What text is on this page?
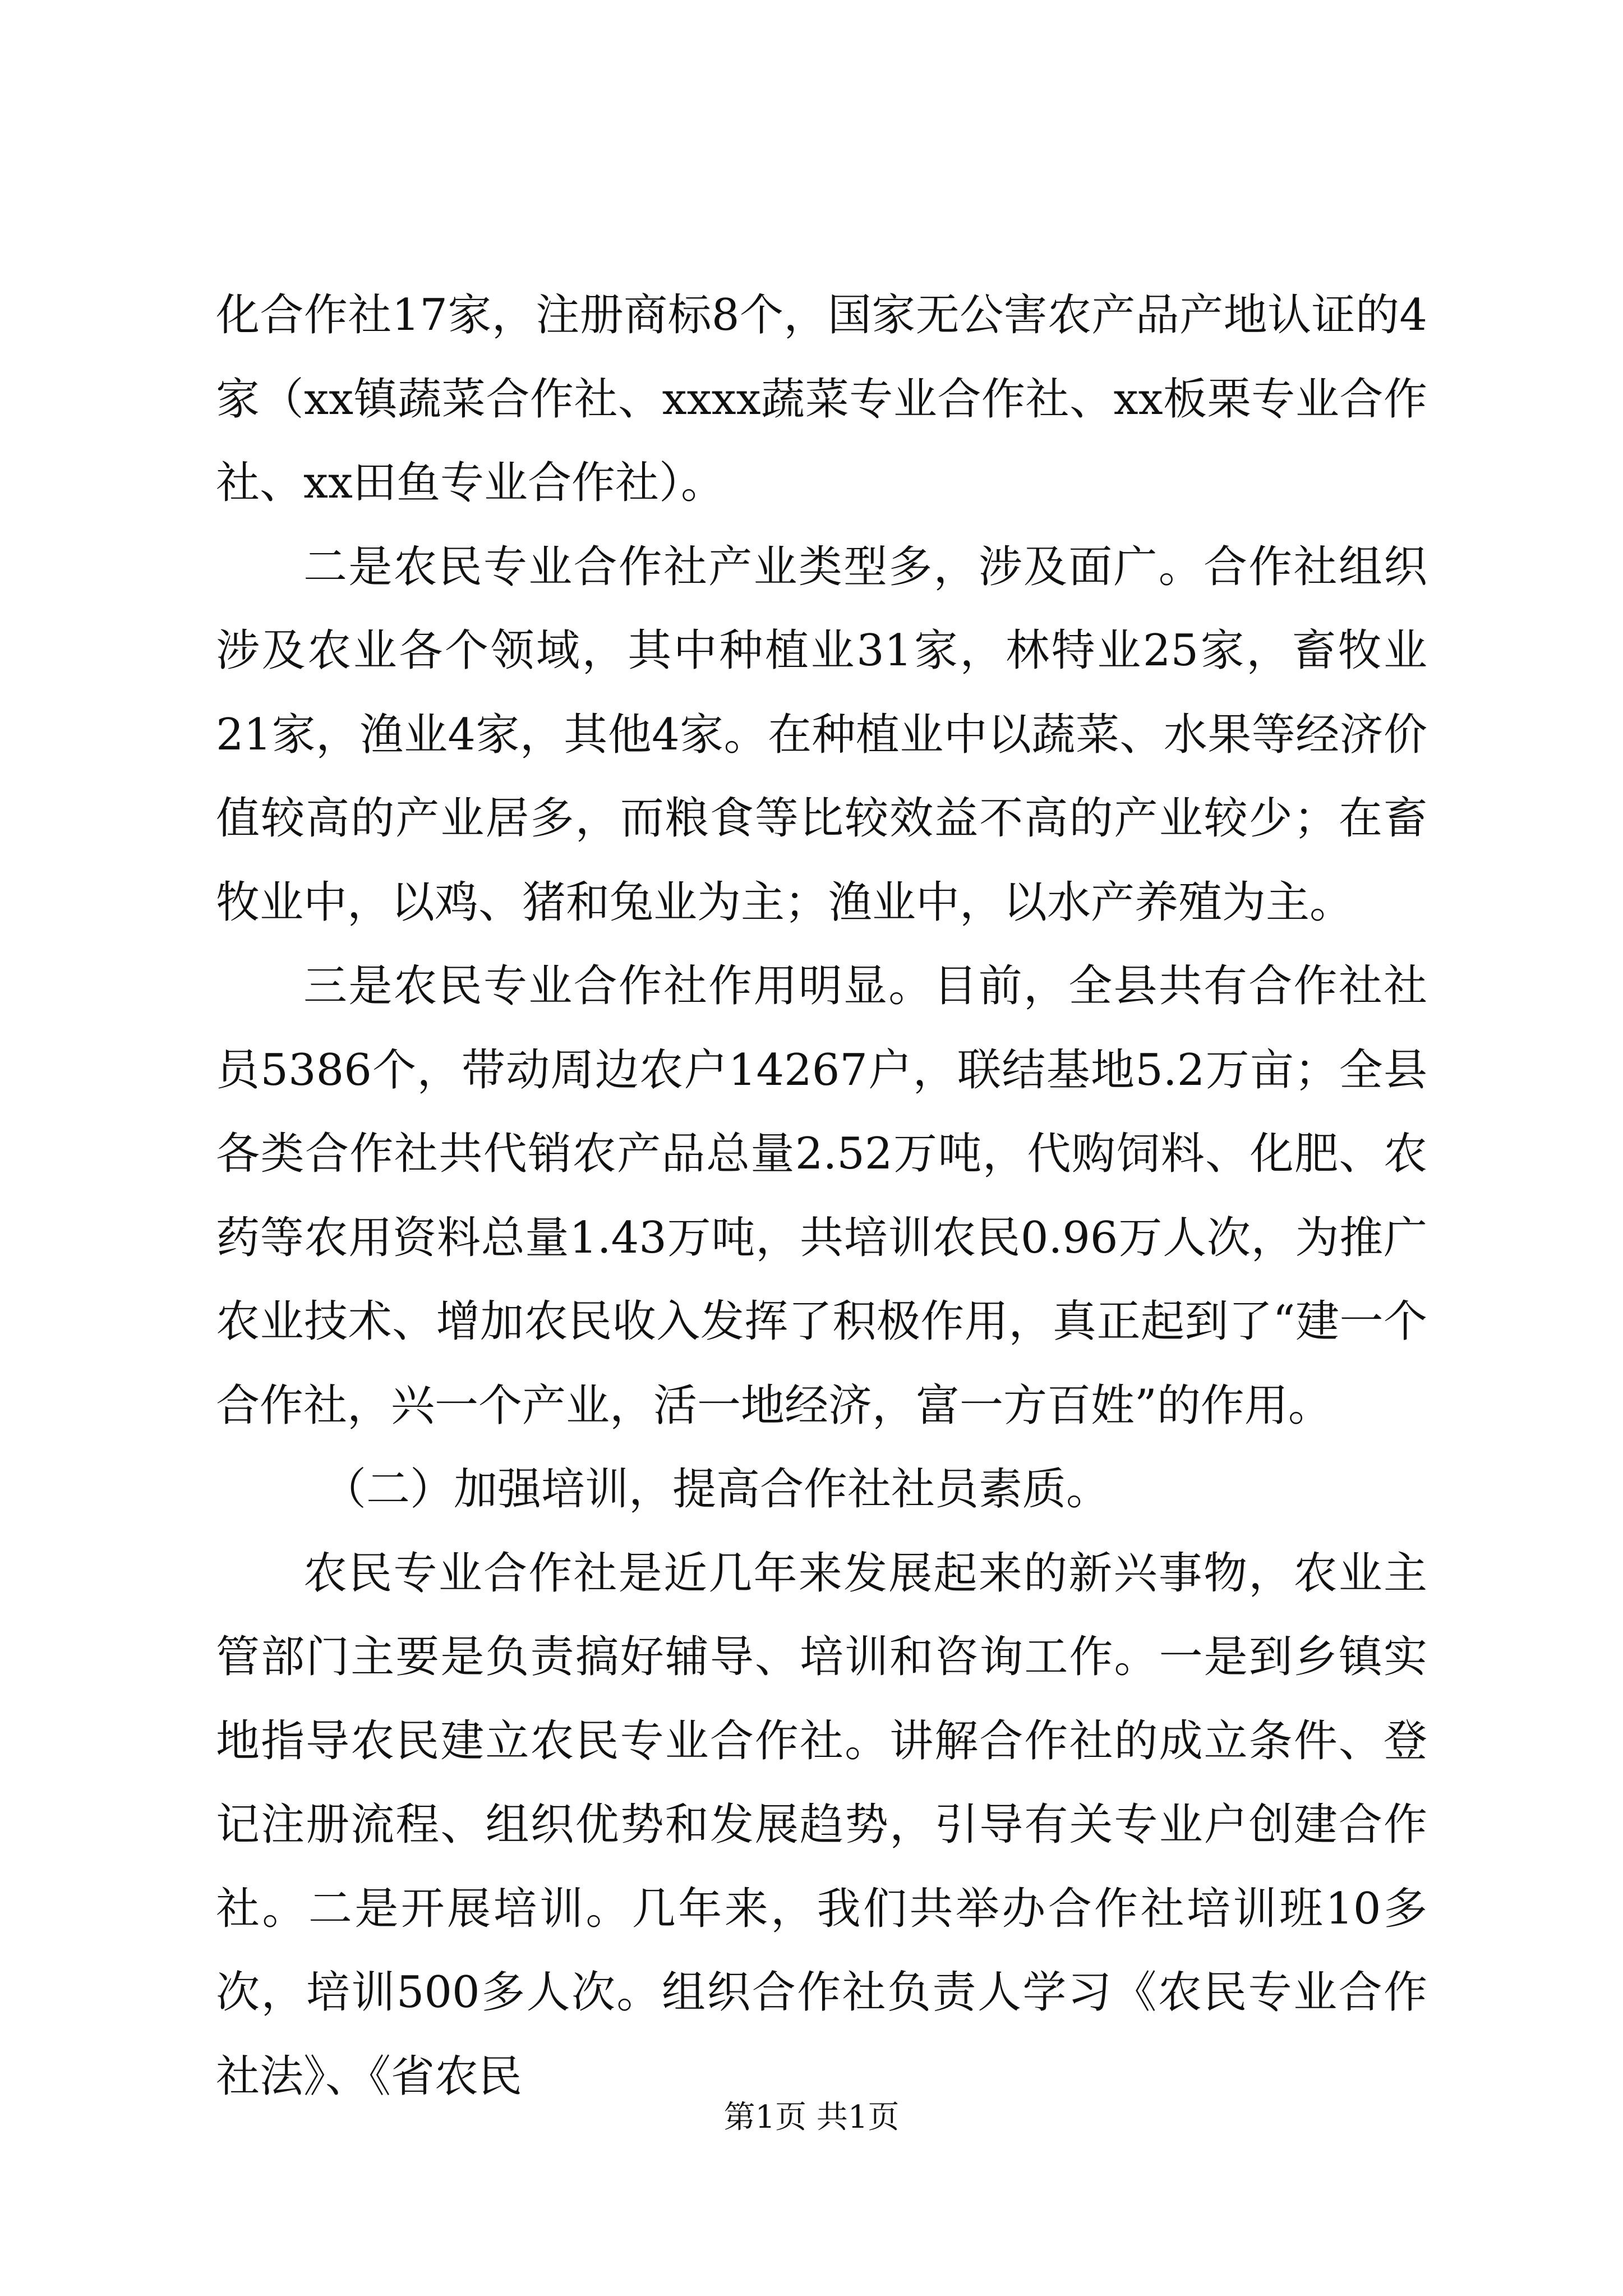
化合作社17家，注册商标8个，国家无公害农产品产地认证的4家（xx镇蔬菜合作社、xxxx蔬菜专业合作社、xx板栗专业合作社、xx田鱼专业合作社）。

二是农民专业合作社产业类型多，涉及面广。合作社组织涉及农业各个领域，其中种植业31家，林特业25家，畜牧业21家，渔业4家，其他4家。在种植业中以蔬菜、水果等经济价值较高的产业居多，而粮食等比较效益不高的产业较少；在畜牧业中，以鸡、猪和兔业为主；渔业中，以水产养殖为主。

三是农民专业合作社作用明显。目前，全县共有合作社社员5386个，带动周边农户14267户，联结基地5.2万亩；全县各类合作社共代销农产品总量2.52万吨，代购饲料、化肥、农药等农用资料总量1.43万吨，共培训农民0.96万人次，为推广农业技术、增加农民收入发挥了积极作用，真正起到了“建一个合作社，兴一个产业，活一地经济，富一方百姓”的作用。

（二）加强培训，提高合作社社员素质。

农民专业合作社是近几年来发展起来的新兴事物，农业主管部门主要是负责搞好辅导、培训和咨询工作。一是到乡镇实地指导农民建立农民专业合作社。讲解合作社的成立条件、登记注册流程、组织优势和发展趋势，引导有关专业户创建合作社。二是开展培训。几年来，我们共举办合作社培训班10多次，培训500多人次。组织合作社负责人学习《农民专业合作社法》、《省农民

第1页 共1页
